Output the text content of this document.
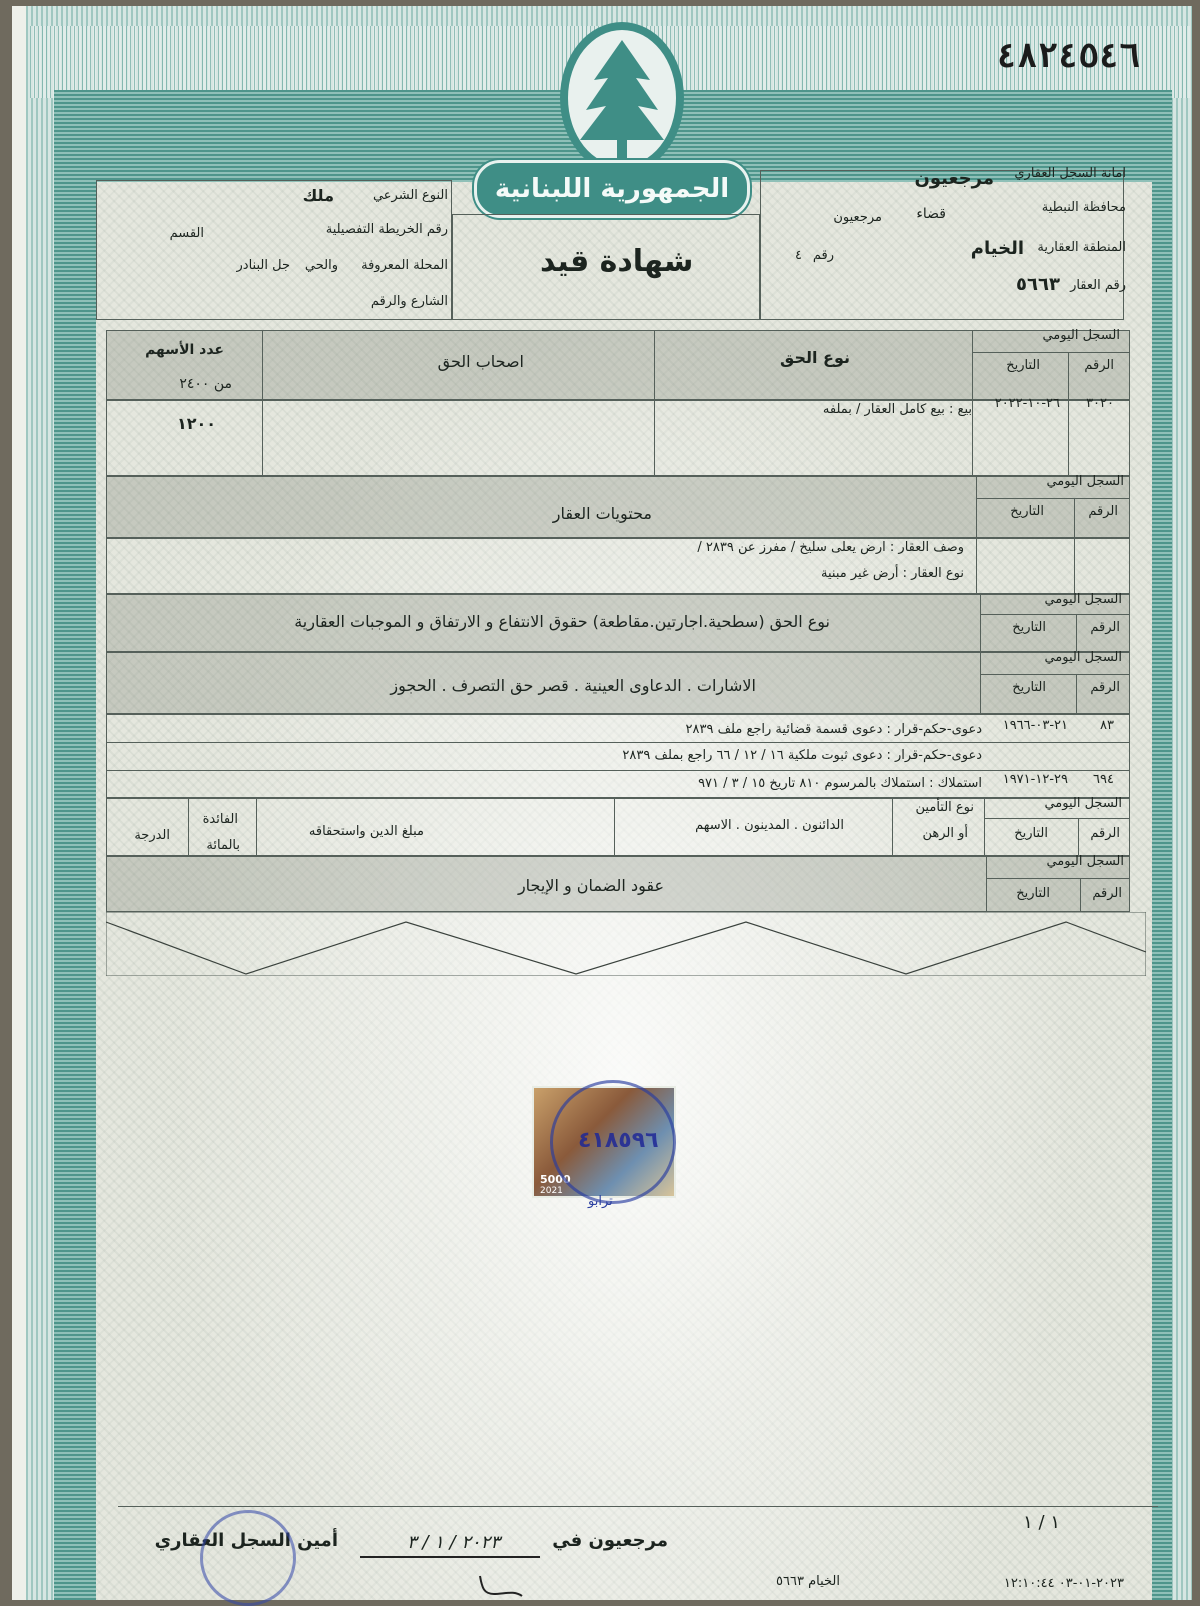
٤٨٢٤٥٤٦
الجمهورية اللبنانية
امانة السجل العقاري
مرجعيون
محافظة النبطية
قضاء
مرجعيون
المنطقة العقارية
الخيام
رقم
٤
رقم العقار
٥٦٦٣
شهادة قيد
النوع الشرعي
ملك
رقم الخريطة التفصيلية
القسم
المحلة المعروفة
والحي
جل البنادر
الشارع والرقم
السجل اليومي
الرقم
التاريخ
نوع الحق
اصحاب الحق
عدد الأسهم
من ٢٤٠٠
٣٠٢٠
٢٦-١٠-٢٠٢٢
بيع : بيع كامل العقار / بملفه
١٢٠٠
السجل اليومي
الرقم
التاريخ
محتويات العقار
وصف العقار : ارض يعلى سليخ / مفرز عن ٢٨٣٩ /
نوع العقار : أرض غير مبنية
السجل اليومي
الرقم
التاريخ
نوع الحق (سطحية.اجارتين.مقاطعة) حقوق الانتفاع و الارتفاق و الموجبات العقارية
السجل اليومي
الرقم
التاريخ
الاشارات . الدعاوى العينية . قصر حق التصرف . الحجوز
٨٣
٢١-٠٣-١٩٦٦
دعوى-حكم-قرار : دعوى قسمة قضائية راجع ملف ٢٨٣٩
دعوى-حكم-قرار : دعوى ثبوت ملكية ١٦ / ١٢ / ٦٦ راجع بملف ٢٨٣٩
٦٩٤
٢٩-١٢-١٩٧١
استملاك : استملاك بالمرسوم ٨١٠ تاريخ ١٥ / ٣ / ٩٧١
السجل اليومي
الرقم
التاريخ
نوع التأمين
أو الرهن
الدائنون . المدينون . الاسهم
مبلغ الدين واستحقاقه
الفائدة
بالمائة
الدرجة
السجل اليومي
الرقم
التاريخ
عقود الضمان و الإيجار
5000
2021
٤١٨٥٩٦
ترابو
١ / ١
مرجعيون في
٢٠٢٣ / ١ / ٣
أمين السجل العقاري
٢٠٢٣-٠١-٠٣ ١٢:١٠:٤٤
الخيام ٥٦٦٣
